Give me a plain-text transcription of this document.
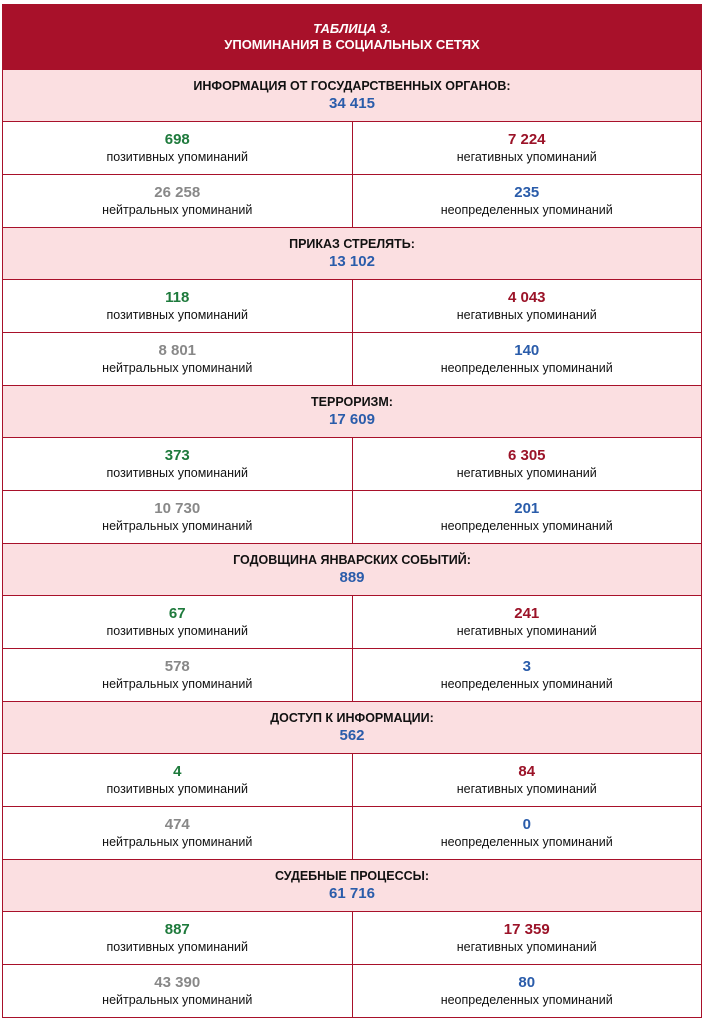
ТАБЛИЦА 3.
УПОМИНАНИЯ В СОЦИАЛЬНЫХ СЕТЯХ
ИНФОРМАЦИЯ ОТ ГОСУДАРСТВЕННЫХ ОРГАНОВ:
34 415
698
позитивных упоминаний
7 224
негативных упоминаний
26 258
нейтральных упоминаний
235
неопределенных упоминаний
ПРИКАЗ СТРЕЛЯТЬ:
13 102
118
позитивных упоминаний
4 043
негативных упоминаний
8 801
нейтральных упоминаний
140
неопределенных упоминаний
ТЕРРОРИЗМ:
17 609
373
позитивных упоминаний
6 305
негативных упоминаний
10 730
нейтральных упоминаний
201
неопределенных упоминаний
ГОДОВЩИНА ЯНВАРСКИХ СОБЫТИЙ:
889
67
позитивных упоминаний
241
негативных упоминаний
578
нейтральных упоминаний
3
неопределенных упоминаний
ДОСТУП К ИНФОРМАЦИИ:
562
4
позитивных упоминаний
84
негативных упоминаний
474
нейтральных упоминаний
0
неопределенных упоминаний
СУДЕБНЫЕ ПРОЦЕССЫ:
61 716
887
позитивных упоминаний
17 359
негативных упоминаний
43 390
нейтральных упоминаний
80
неопределенных упоминаний
